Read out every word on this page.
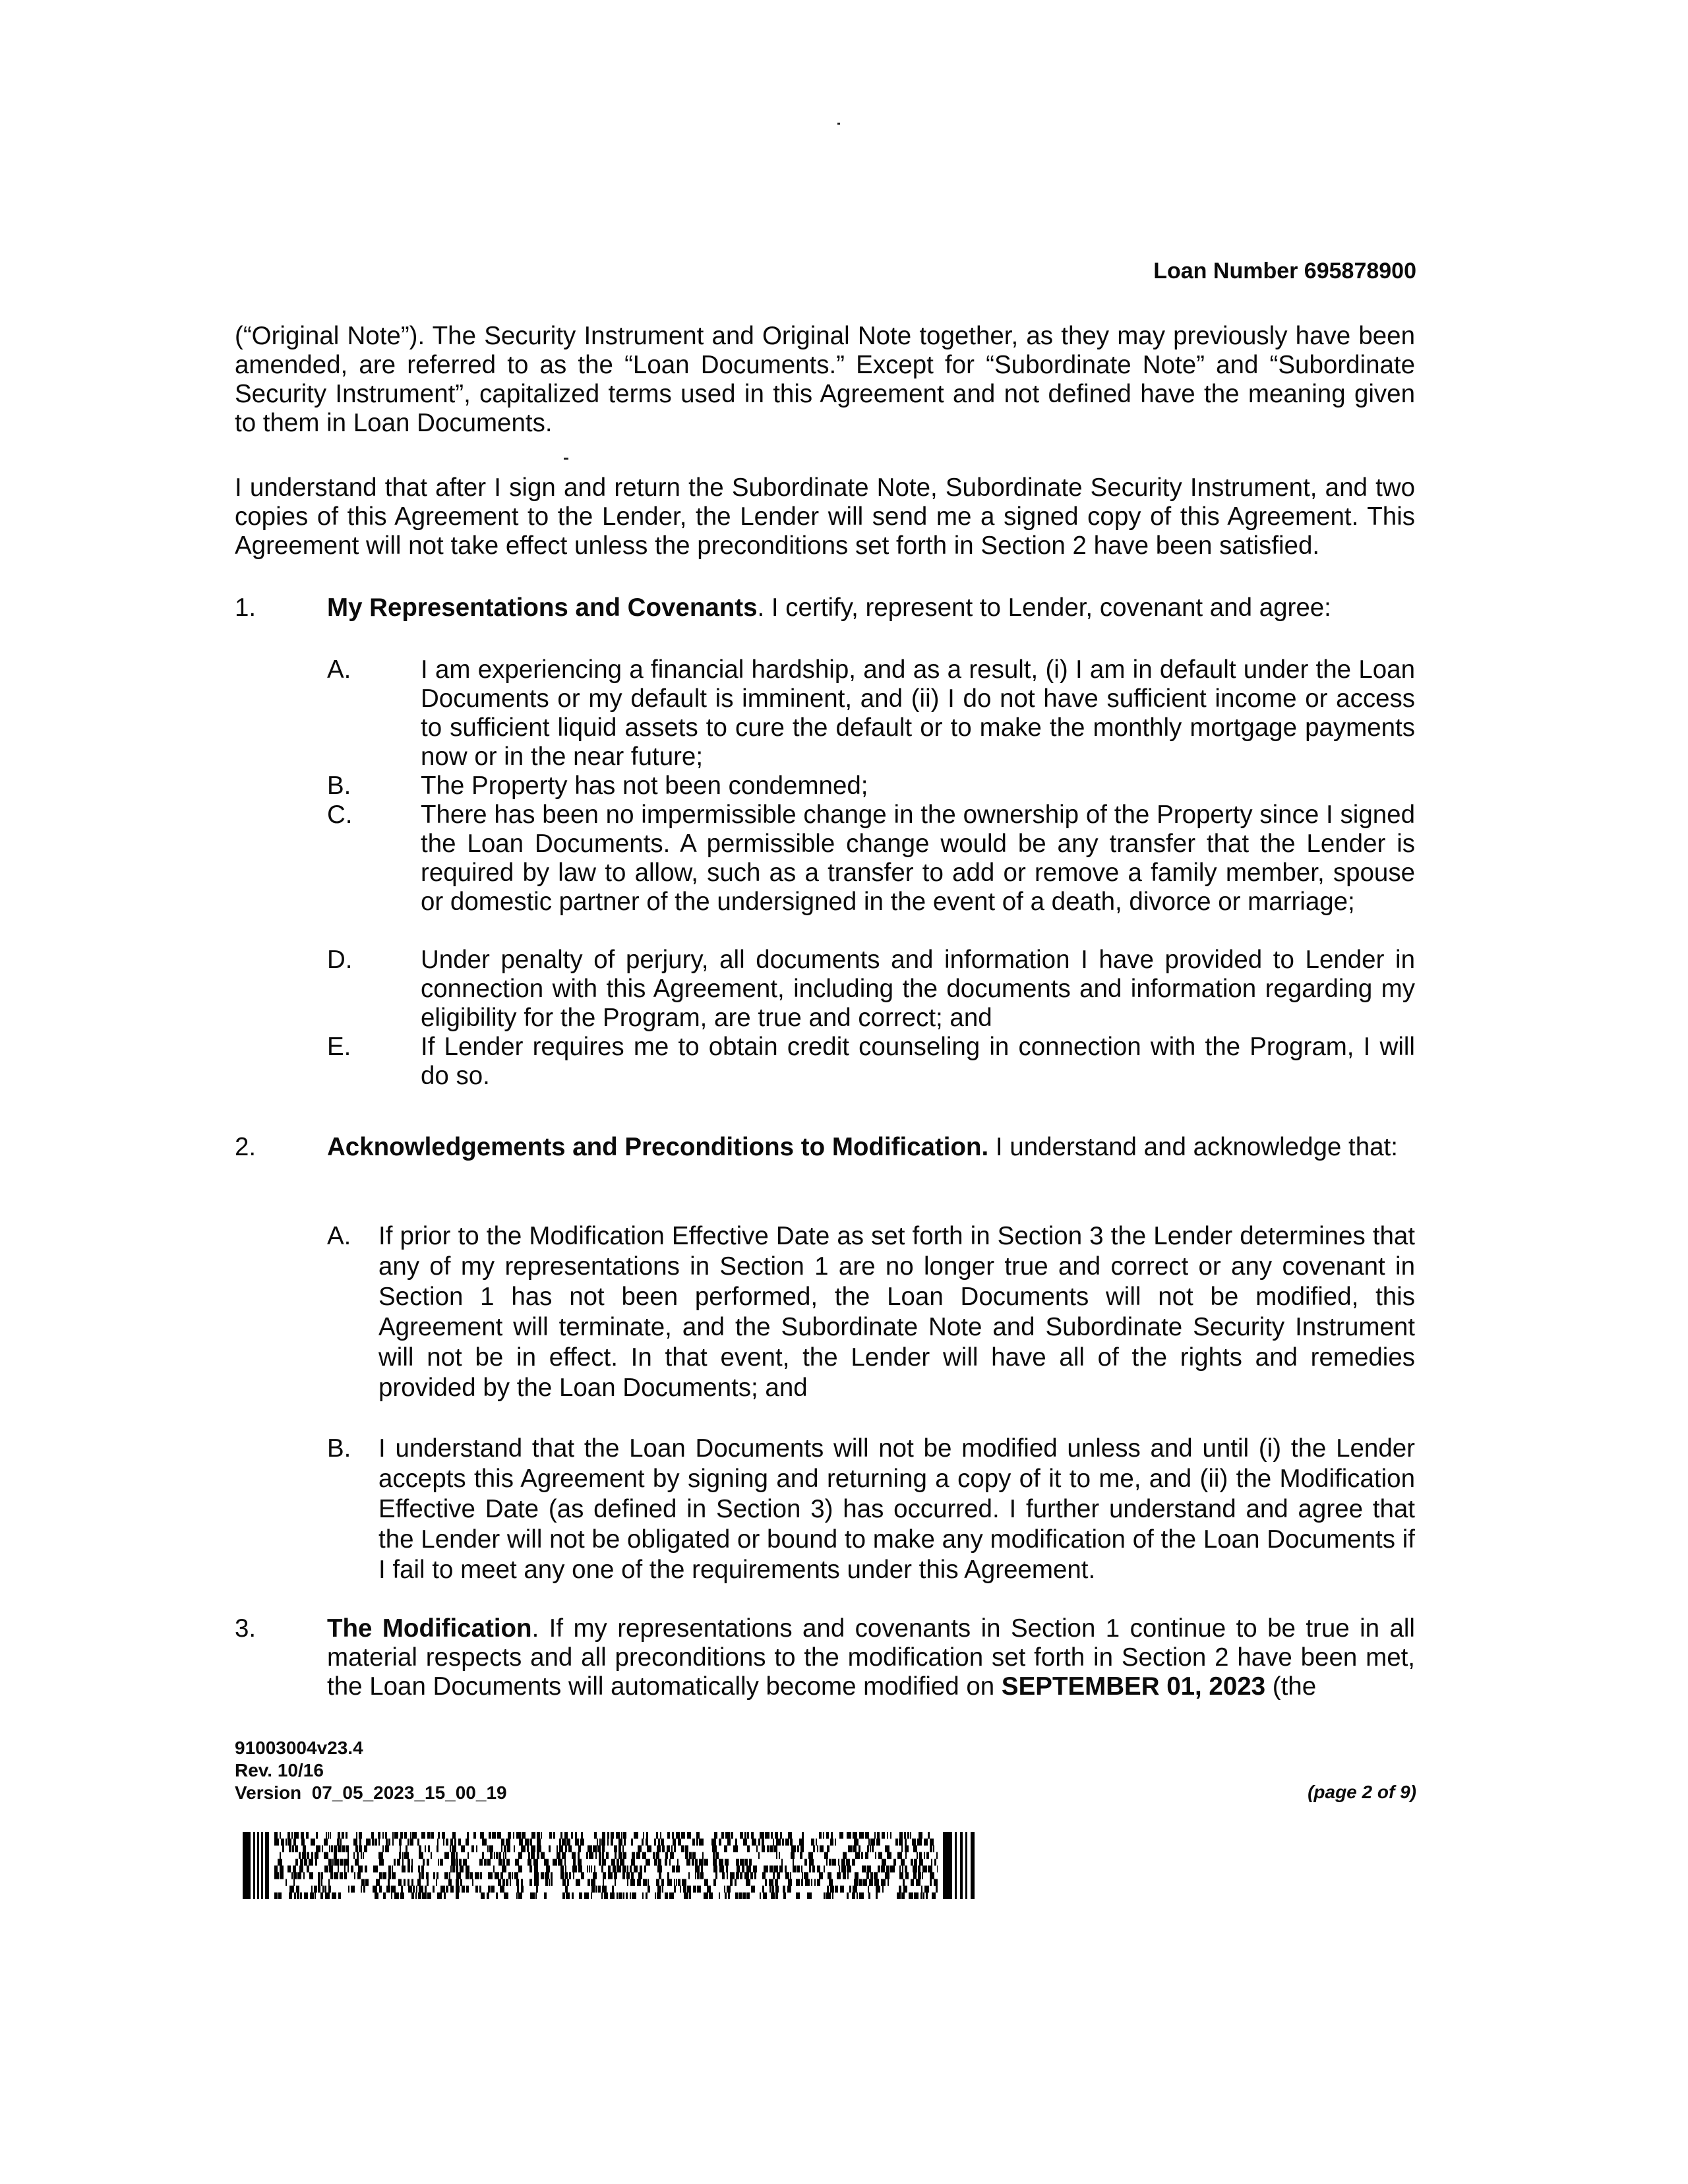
Loan Number 695878900
(“Original Note”). The Security Instrument and Original Note together, as they may previously have been amended, are referred to as the “Loan Documents.” Except for “Subordinate Note” and “Subordinate Security Instrument”, capitalized terms used in this Agreement and not defined have the meaning given to them in Loan Documents.
I understand that after I sign and return the Subordinate Note, Subordinate Security Instrument, and two copies of this Agreement to the Lender, the Lender will send me a signed copy of this Agreement. This Agreement will not take effect unless the preconditions set forth in Section 2 have been satisfied.
1.	My Representations and Covenants. I certify, represent to Lender, covenant and agree:
A.	I am experiencing a financial hardship, and as a result, (i) I am in default under the Loan Documents or my default is imminent, and (ii) I do not have sufficient income or access to sufficient liquid assets to cure the default or to make the monthly mortgage payments now or in the near future;
B.	The Property has not been condemned;
C.	There has been no impermissible change in the ownership of the Property since I signed the Loan Documents. A permissible change would be any transfer that the Lender is required by law to allow, such as a transfer to add or remove a family member, spouse or domestic partner of the undersigned in the event of a death, divorce or marriage;
D.	Under penalty of perjury, all documents and information I have provided to Lender in connection with this Agreement, including the documents and information regarding my eligibility for the Program, are true and correct; and
E.	If Lender requires me to obtain credit counseling in connection with the Program, I will do so.
2.	Acknowledgements and Preconditions to Modification. I understand and acknowledge that:
A. If prior to the Modification Effective Date as set forth in Section 3 the Lender determines that any of my representations in Section 1 are no longer true and correct or any covenant in Section 1 has not been performed, the Loan Documents will not be modified, this Agreement will terminate, and the Subordinate Note and Subordinate Security Instrument will not be in effect. In that event, the Lender will have all of the rights and remedies provided by the Loan Documents; and
B. I understand that the Loan Documents will not be modified unless and until (i) the Lender accepts this Agreement by signing and returning a copy of it to me, and (ii) the Modification Effective Date (as defined in Section 3) has occurred. I further understand and agree that the Lender will not be obligated or bound to make any modification of the Loan Documents if I fail to meet any one of the requirements under this Agreement.
3.	The Modification. If my representations and covenants in Section 1 continue to be true in all material respects and all preconditions to the modification set forth in Section 2 have been met, the Loan Documents will automatically become modified on SEPTEMBER 01, 2023 (the
91003004v23.4
Rev. 10/16
Version  07_05_2023_15_00_19	(page 2 of 9)
